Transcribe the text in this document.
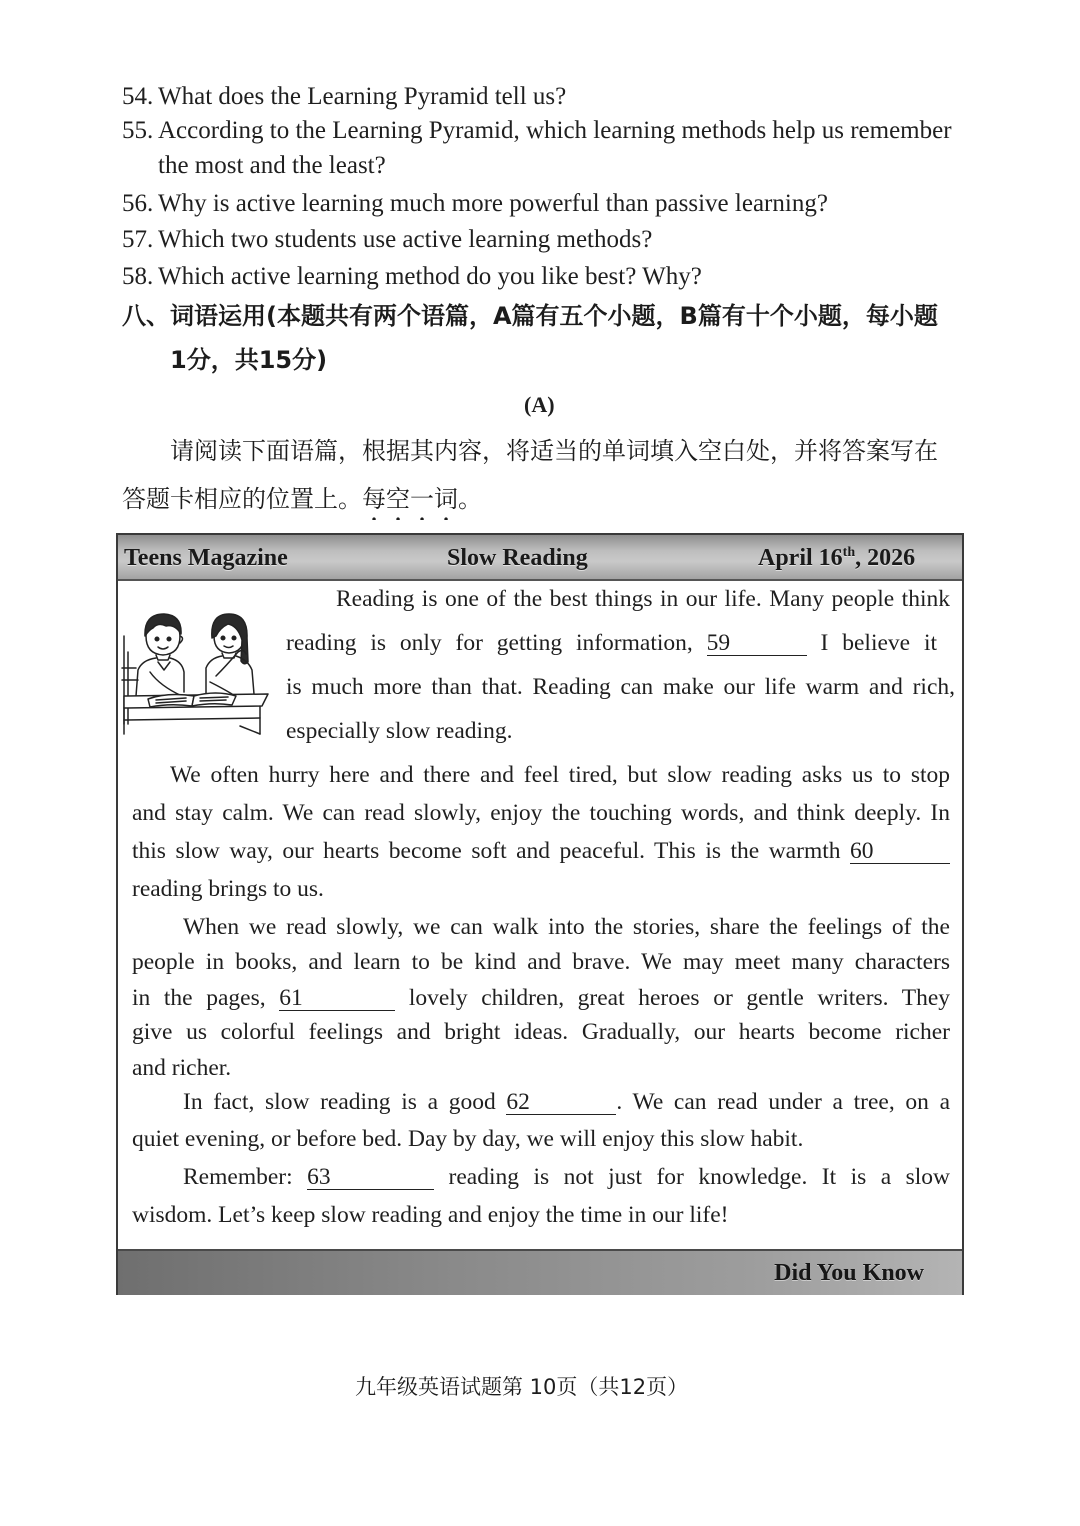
54. What does the Learning Pyramid tell us?
55. According to the Learning Pyramid, which learning methods help us remember
the most and the least?
56. Why is active learning much more powerful than passive learning?
57. Which two students use active learning methods?
58. Which active learning method do you like best? Why?
八、词语运用(本题共有两个语篇，A篇有五个小题，B篇有十个小题，每小题
1分，共15分)
(A)
请阅读下面语篇，根据其内容，将适当的单词填入空白处，并将答案写在
答题卡相应的位置上。每空一词。
Teens Magazine	Slow Reading	April 16th, 2026
Did You Know
Reading is one of the best things in our life. Many people think
reading is only for getting information, 59	I believe it
is much more than that. Reading can make our life warm and rich,
especially slow reading.
We often hurry here and there and feel tired, but slow reading asks us to stop
and stay calm. We can read slowly, enjoy the touching words, and think deeply. In
this slow way, our hearts become soft and peaceful. This is the warmth 60
reading brings to us.
When we read slowly, we can walk into the stories, share the feelings of the
people in books, and learn to be kind and brave. We may meet many characters
in the pages, 61	lovely children, great heroes or gentle writers. They
give us colorful feelings and bright ideas. Gradually, our hearts become richer
and richer.
In fact, slow reading is a good 62	. We can read under a tree, on a
quiet evening, or before bed. Day by day, we will enjoy this slow habit.
Remember: 63	reading is not just for knowledge. It is a slow
wisdom. Let’s keep slow reading and enjoy the time in our life!
九年级英语试题第 10页（共12页）
